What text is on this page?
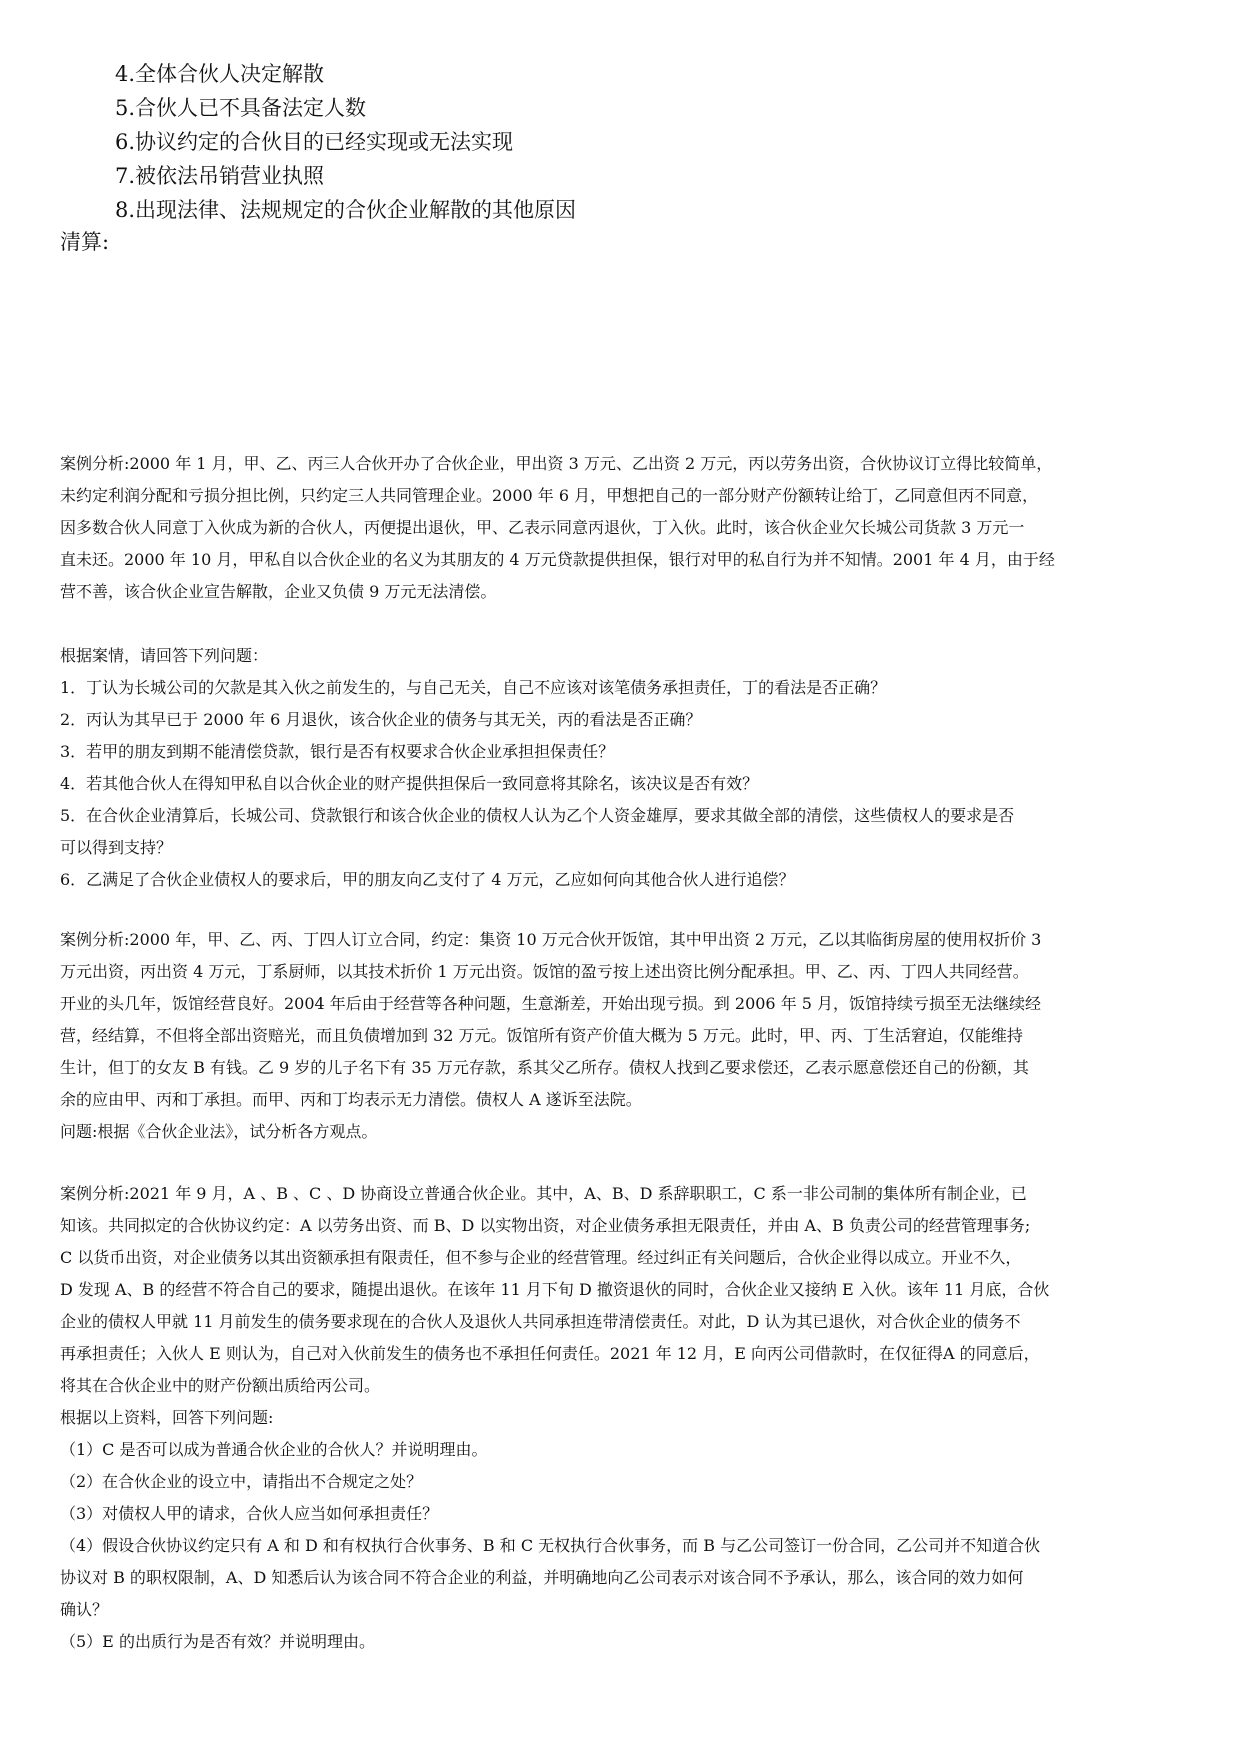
4.全体合伙人决定解散
5.合伙人已不具备法定人数
6.协议约定的合伙目的已经实现或无法实现
7.被依法吊销营业执照
8.出现法律、法规规定的合伙企业解散的其他原因
清算:
案例分析:2000 年 1 月，甲、乙、丙三人合伙开办了合伙企业，甲出资 3 万元、乙出资 2 万元，丙以劳务出资，合伙协议订立得比较简单，
未约定利润分配和亏损分担比例，只约定三人共同管理企业。2000 年 6 月，甲想把自己的一部分财产份额转让给丁，乙同意但丙不同意，
因多数合伙人同意丁入伙成为新的合伙人，丙便提出退伙，甲、乙表示同意丙退伙，丁入伙。此时，该合伙企业欠长城公司货款 3 万元一
直未还。2000 年 10 月，甲私自以合伙企业的名义为其朋友的 4 万元贷款提供担保，银行对甲的私自行为并不知情。2001 年 4 月，由于经
营不善，该合伙企业宣告解散，企业又负债 9 万元无法清偿。
根据案情，请回答下列问题：
1．丁认为长城公司的欠款是其入伙之前发生的，与自己无关，自己不应该对该笔债务承担责任，丁的看法是否正确？
2．丙认为其早已于 2000 年 6 月退伙，该合伙企业的债务与其无关，丙的看法是否正确？
3．若甲的朋友到期不能清偿贷款，银行是否有权要求合伙企业承担担保责任？
4．若其他合伙人在得知甲私自以合伙企业的财产提供担保后一致同意将其除名，该决议是否有效？
5．在合伙企业清算后，长城公司、贷款银行和该合伙企业的债权人认为乙个人资金雄厚，要求其做全部的清偿，这些债权人的要求是否
可以得到支持？
6．乙满足了合伙企业债权人的要求后，甲的朋友向乙支付了 4 万元，乙应如何向其他合伙人进行追偿？
案例分析:2000 年，甲、乙、丙、丁四人订立合同，约定：集资 10 万元合伙开饭馆，其中甲出资 2 万元，乙以其临街房屋的使用权折价 3
万元出资，丙出资 4 万元，丁系厨师，以其技术折价 1 万元出资。饭馆的盈亏按上述出资比例分配承担。甲、乙、丙、丁四人共同经营。
开业的头几年，饭馆经营良好。2004 年后由于经营等各种问题，生意渐差，开始出现亏损。到 2006 年 5 月，饭馆持续亏损至无法继续经
营，经结算，不但将全部出资赔光，而且负债增加到 32 万元。饭馆所有资产价值大概为 5 万元。此时，甲、丙、丁生活窘迫，仅能维持
生计，但丁的女友 B 有钱。乙 9 岁的儿子名下有 35 万元存款，系其父乙所存。债权人找到乙要求偿还，乙表示愿意偿还自己的份额，其
余的应由甲、丙和丁承担。而甲、丙和丁均表示无力清偿。债权人 A 遂诉至法院。
问题:根据《合伙企业法》，试分析各方观点。
案例分析:2021 年 9 月，A 、B 、C 、D 协商设立普通合伙企业。其中，A、B、D 系辞职职工，C 系一非公司制的集体所有制企业，已
知该。共同拟定的合伙协议约定：A 以劳务出资、而 B、D 以实物出资，对企业债务承担无限责任，并由 A、B 负责公司的经营管理事务;
C 以货币出资，对企业债务以其出资额承担有限责任，但不参与企业的经营管理。经过纠正有关问题后，合伙企业得以成立。开业不久，
D 发现 A、B 的经营不符合自己的要求，随提出退伙。在该年 11 月下旬 D 撤资退伙的同时，合伙企业又接纳 E 入伙。该年 11 月底，合伙
企业的债权人甲就 11 月前发生的债务要求现在的合伙人及退伙人共同承担连带清偿责任。对此，D 认为其已退伙，对合伙企业的债务不
再承担责任；入伙人 E 则认为，自己对入伙前发生的债务也不承担任何责任。2021 年 12 月，E 向丙公司借款时，在仅征得A 的同意后，
将其在合伙企业中的财产份额出质给丙公司。
根据以上资料，回答下列问题:
（1）C 是否可以成为普通合伙企业的合伙人？并说明理由。
（2）在合伙企业的设立中，请指出不合规定之处？
（3）对债权人甲的请求，合伙人应当如何承担责任？
（4）假设合伙协议约定只有 A 和 D 和有权执行合伙事务、B 和 C 无权执行合伙事务，而 B 与乙公司签订一份合同，乙公司并不知道合伙
协议对 B 的职权限制，A、D 知悉后认为该合同不符合企业的利益，并明确地向乙公司表示对该合同不予承认，那么，该合同的效力如何
确认？
（5）E 的出质行为是否有效？并说明理由。
